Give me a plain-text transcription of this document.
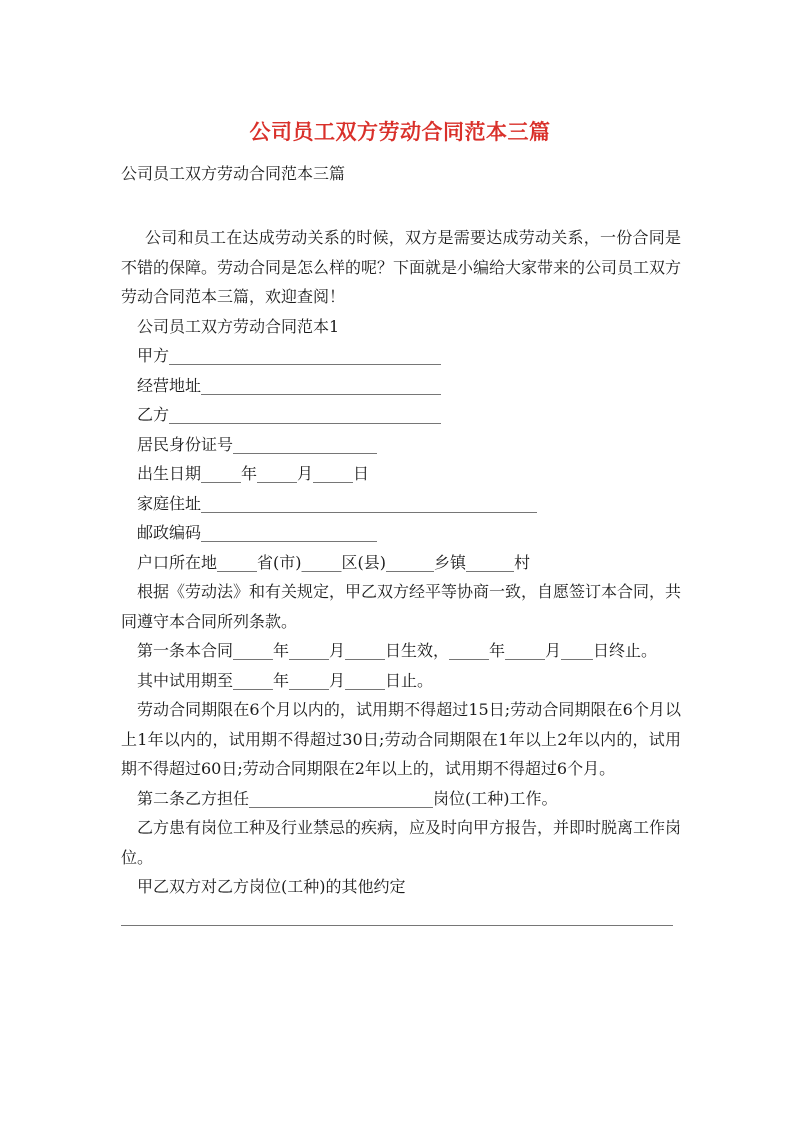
公司员工双方劳动合同范本三篇
公司员工双方劳动合同范本三篇

公司和员工在达成劳动关系的时候，双方是需要达成劳动关系，一份合同是不错的保障。劳动合同是怎么样的呢？下面就是小编给大家带来的公司员工双方劳动合同范本三篇，欢迎查阅！

公司员工双方劳动合同范本1

甲方__________________________________

经营地址______________________________

乙方__________________________________

居民身份证号__________________

出生日期_____年_____月_____日

家庭住址__________________________________________

邮政编码______________________

户口所在地_____省(市)_____区(县)______乡镇______村

根据《劳动法》和有关规定，甲乙双方经平等协商一致，自愿签订本合同，共同遵守本合同所列条款。

第一条本合同_____年_____月_____日生效，_____年_____月____日终止。

其中试用期至_____年_____月_____日止。

劳动合同期限在6个月以内的，试用期不得超过15日;劳动合同期限在6个月以上1年以内的，试用期不得超过30日;劳动合同期限在1年以上2年以内的，试用期不得超过60日;劳动合同期限在2年以上的，试用期不得超过6个月。

第二条乙方担任_______________________岗位(工种)工作。

乙方患有岗位工种及行业禁忌的疾病，应及时向甲方报告，并即时脱离工作岗位。

甲乙双方对乙方岗位(工种)的其他约定

_____________________________________________________________________
